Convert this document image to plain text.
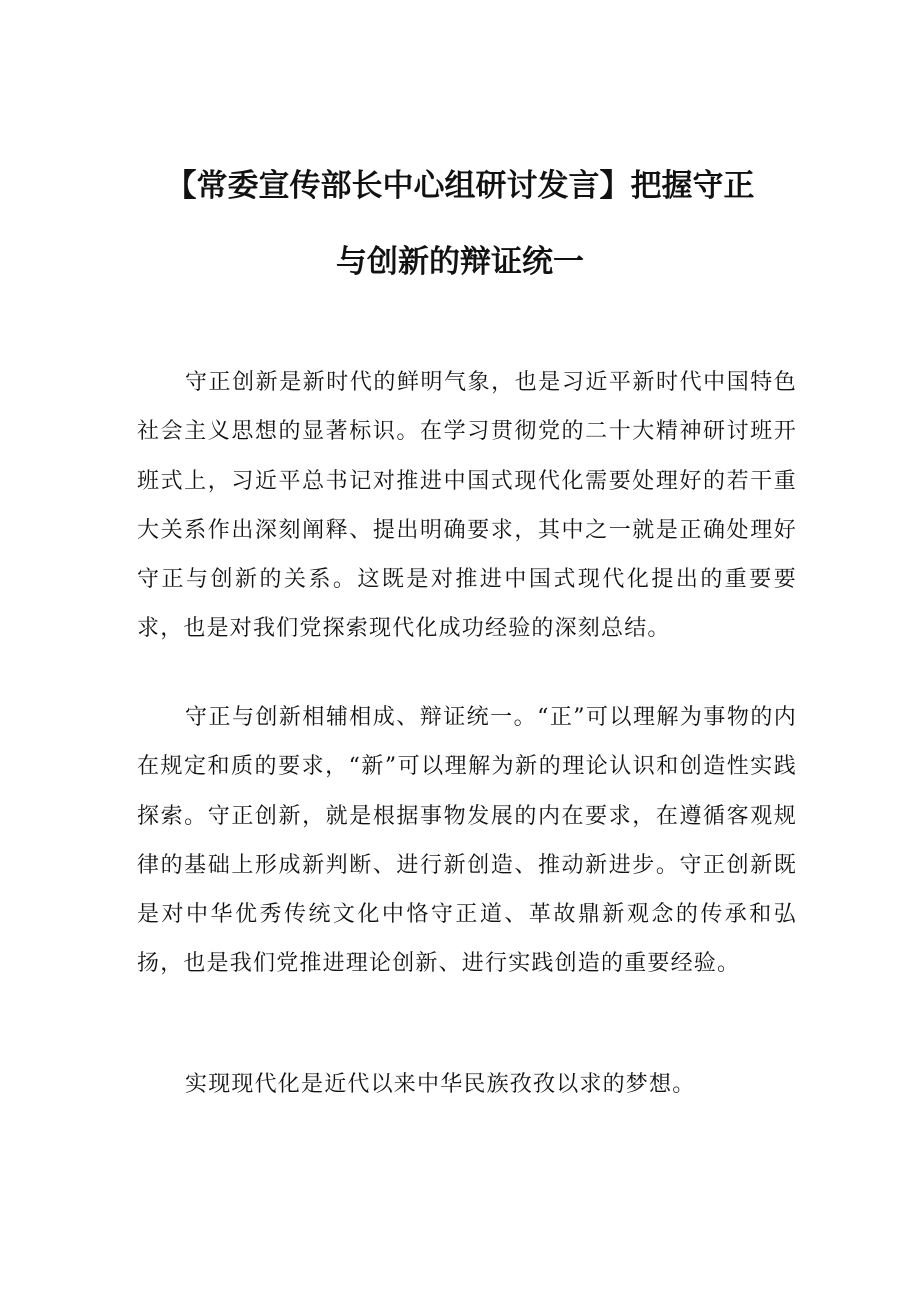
【常委宣传部长中心组研讨发言】把握守正
与创新的辩证统一

守正创新是新时代的鲜明气象，也是习近平新时代中国特色社会主义思想的显著标识。在学习贯彻党的二十大精神研讨班开班式上，习近平总书记对推进中国式现代化需要处理好的若干重大关系作出深刻阐释、提出明确要求，其中之一就是正确处理好守正与创新的关系。这既是对推进中国式现代化提出的重要要求，也是对我们党探索现代化成功经验的深刻总结。

守正与创新相辅相成、辩证统一。“正”可以理解为事物的内在规定和质的要求，“新”可以理解为新的理论认识和创造性实践探索。守正创新，就是根据事物发展的内在要求，在遵循客观规律的基础上形成新判断、进行新创造、推动新进步。守正创新既是对中华优秀传统文化中恪守正道、革故鼎新观念的传承和弘扬，也是我们党推进理论创新、进行实践创造的重要经验。

实现现代化是近代以来中华民族孜孜以求的梦想。
